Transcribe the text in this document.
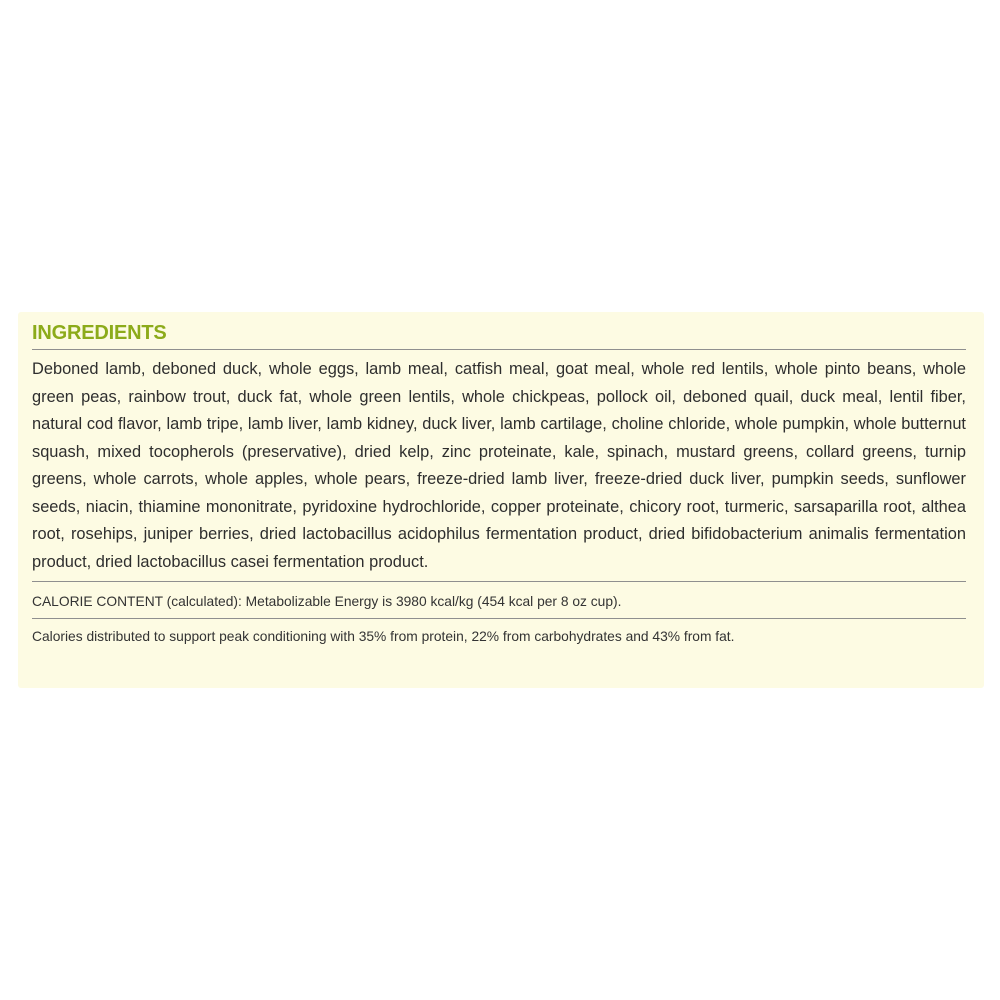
INGREDIENTS

Deboned lamb, deboned duck, whole eggs, lamb meal, catfish meal, goat meal, whole red lentils, whole pinto beans, whole green peas, rainbow trout, duck fat, whole green lentils, whole chickpeas, pollock oil, deboned quail, duck meal, lentil fiber, natural cod flavor, lamb tripe, lamb liver, lamb kidney, duck liver, lamb cartilage, choline chloride, whole pumpkin, whole butternut squash, mixed tocopherols (preservative), dried kelp, zinc proteinate, kale, spinach, mustard greens, collard greens, turnip greens, whole carrots, whole apples, whole pears, freeze-dried lamb liver, freeze-dried duck liver, pumpkin seeds, sunflower seeds, niacin, thiamine mononitrate, pyridoxine hydrochloride, copper proteinate, chicory root, turmeric, sarsaparilla root, althea root, rosehips, juniper berries, dried lactobacillus acidophilus fermentation product, dried bifidobacterium animalis fermentation product, dried lactobacillus casei fermentation product.

CALORIE CONTENT (calculated): Metabolizable Energy is 3980 kcal/kg (454 kcal per 8 oz cup).

Calories distributed to support peak conditioning with 35% from protein, 22% from carbohydrates and 43% from fat.
